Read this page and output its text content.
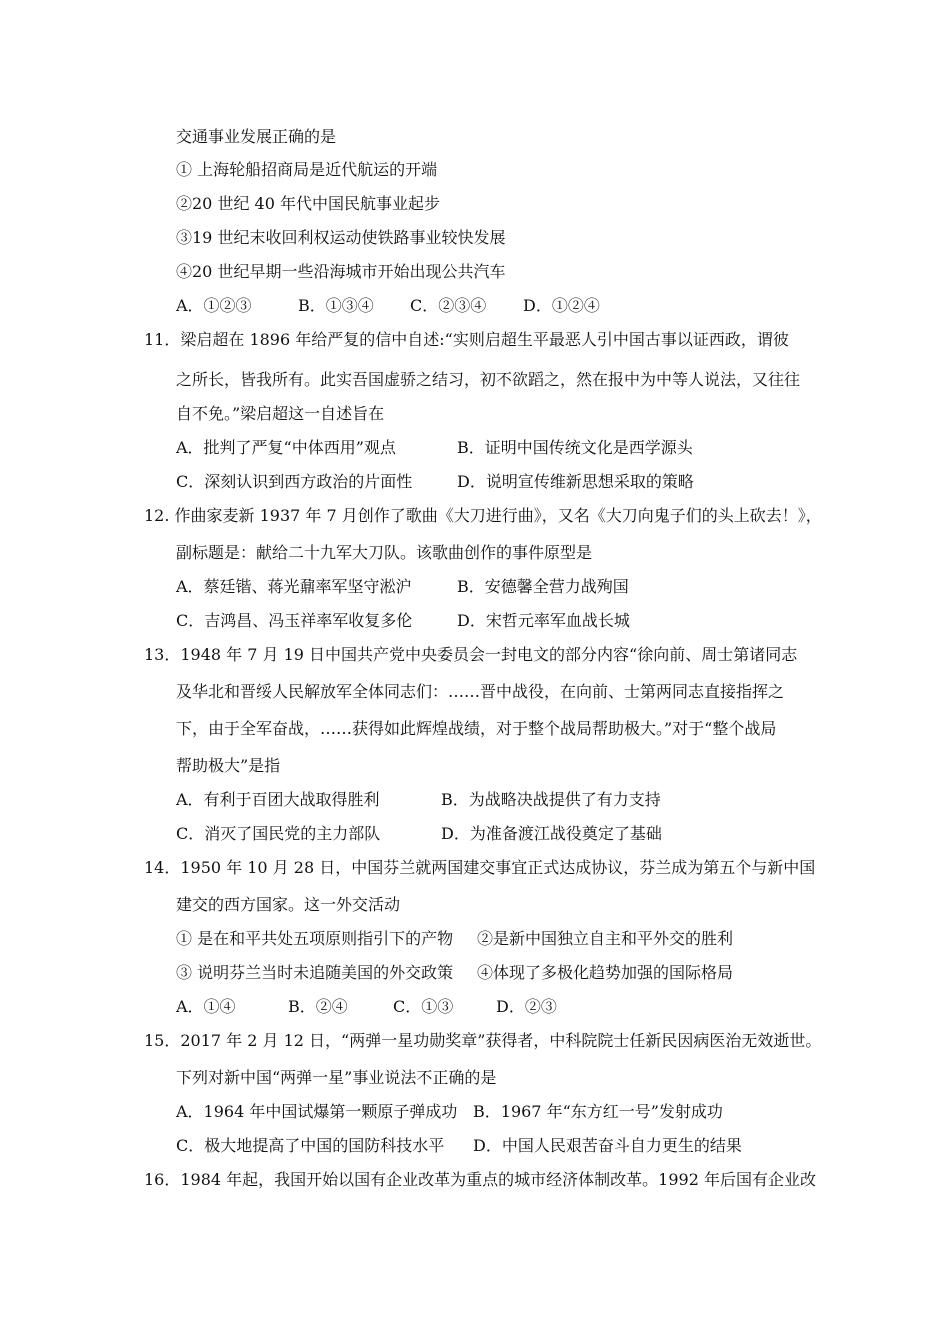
交通事业发展正确的是
① 上海轮船招商局是近代航运的开端
②20 世纪 40 年代中国民航事业起步
③19 世纪末收回利权运动使铁路事业较快发展
④20 世纪早期一些沿海城市开始出现公共汽车
A．①②③	B．①③④ C．②③④ D．①②④
11．梁启超在 1896 年给严复的信中自述:“实则启超生平最恶人引中国古事以证西政，谓彼
之所长，皆我所有。此实吾国虚骄之结习，初不欲蹈之，然在报中为中等人说法，又往往
自不免。”梁启超这一自述旨在
A．批判了严复“中体西用”观点	B．证明中国传统文化是西学源头
C．深刻认识到西方政治的片面性	D．说明宣传维新思想采取的策略
12. 作曲家麦新 1937 年 7 月创作了歌曲《大刀进行曲》，又名《大刀向鬼子们的头上砍去！》，
副标题是：献给二十九军大刀队。该歌曲创作的事件原型是
A．蔡廷锴、蒋光鼐率军坚守淞沪	B．安德馨全营力战殉国
C．吉鸿昌、冯玉祥率军收复多伦	D．宋哲元率军血战长城
13．1948 年 7 月 19 日中国共产党中央委员会一封电文的部分内容“徐向前、周士第诸同志
及华北和晋绥人民解放军全体同志们：……晋中战役，在向前、士第两同志直接指挥之
下，由于全军奋战，……获得如此辉煌战绩，对于整个战局帮助极大。”对于“整个战局
帮助极大”是指
A．有利于百团大战取得胜利	B．为战略决战提供了有力支持
C．消灭了国民党的主力部队	D．为准备渡江战役奠定了基础
14．1950 年 10 月 28 日，中国芬兰就两国建交事宜正式达成协议，芬兰成为第五个与新中国
建交的西方国家。这一外交活动
① 是在和平共处五项原则指引下的产物 ②是新中国独立自主和平外交的胜利
③ 说明芬兰当时未追随美国的外交政策 ④体现了多极化趋势加强的国际格局
A．①④	B．②④	C．①③	D．②③
15．2017 年 2 月 12 日，“两弹一星功勋奖章”获得者，中科院院士任新民因病医治无效逝世。
下列对新中国“两弹一星”事业说法不正确的是
A．1964 年中国试爆第一颗原子弹成功 B．1967 年“东方红一号”发射成功
C．极大地提高了中国的国防科技水平 D．中国人民艰苦奋斗自力更生的结果
16．1984 年起，我国开始以国有企业改革为重点的城市经济体制改革。1992 年后国有企业改
